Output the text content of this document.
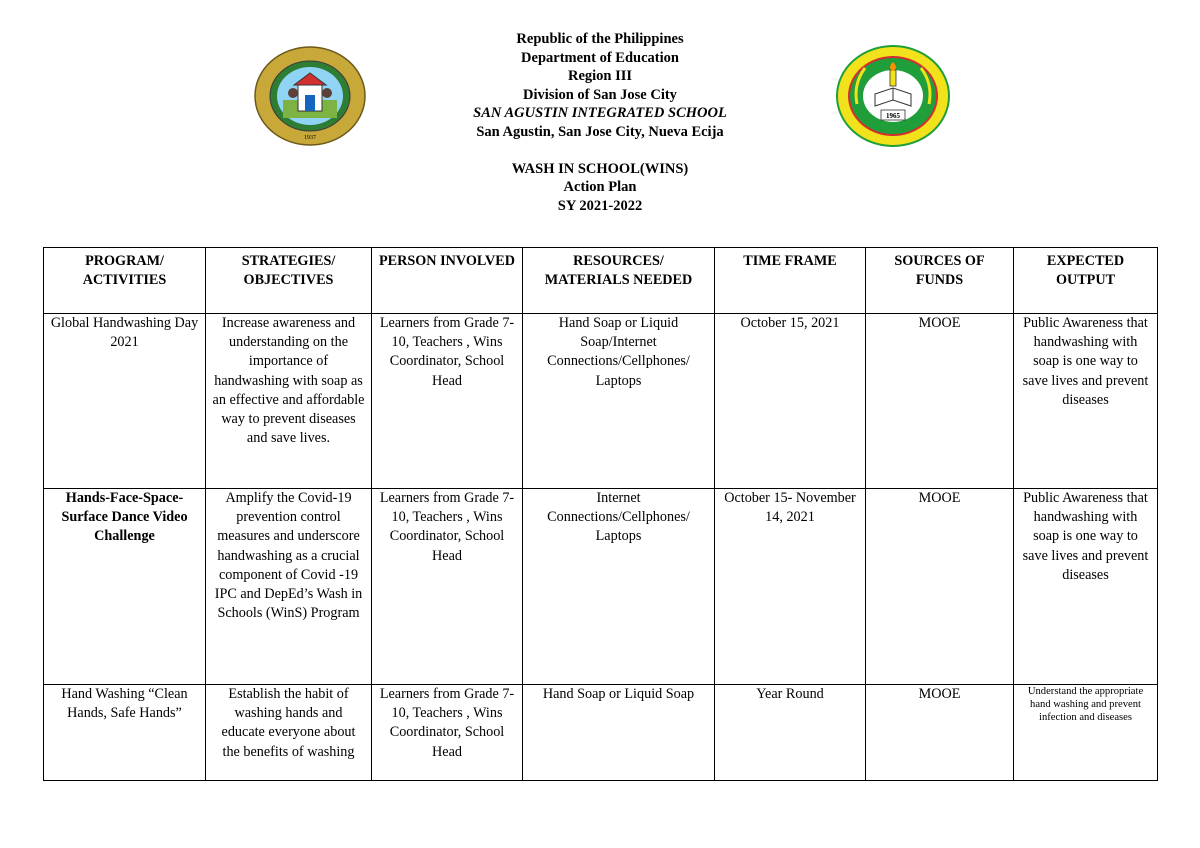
1937
1965
Republic of the Philippines
Department of Education
Region III
Division of San Jose City
SAN AGUSTIN INTEGRATED SCHOOL
San Agustin, San Jose City, Nueva Ecija
WASH IN SCHOOL(WINS)
Action Plan
SY 2021-2022
PROGRAM/ ACTIVITIES	STRATEGIES/ OBJECTIVES	PERSON INVOLVED	RESOURCES/ MATERIALS NEEDED	TIME FRAME	SOURCES OF FUNDS	EXPECTED OUTPUT
Global Handwashing Day 2021	Increase awareness and understanding on the importance of handwashing with soap as an effective and affordable way to prevent diseases and save lives.	Learners from Grade 7-10, Teachers , Wins Coordinator, School Head	Hand Soap or Liquid Soap/Internet Connections/Cellphones/ Laptops	October 15, 2021	MOOE	Public Awareness that handwashing with soap is one way to save lives and prevent diseases
Hands-Face-Space-Surface Dance Video Challenge	Amplify the Covid-19 prevention control measures and underscore handwashing as a crucial component of Covid -19 IPC and DepEd’s Wash in Schools (WinS) Program	Learners from Grade 7-10, Teachers , Wins Coordinator, School Head	Internet Connections/Cellphones/ Laptops	October 15- November 14, 2021	MOOE	Public Awareness that handwashing with soap is one way to save lives and prevent diseases
Hand Washing “Clean Hands, Safe Hands”	Establish the habit of washing hands and educate everyone about the benefits of washing	Learners from Grade 7-10, Teachers , Wins Coordinator, School Head	Hand Soap or Liquid Soap	Year Round	MOOE	Understand the appropriate hand washing and prevent infection and diseases
